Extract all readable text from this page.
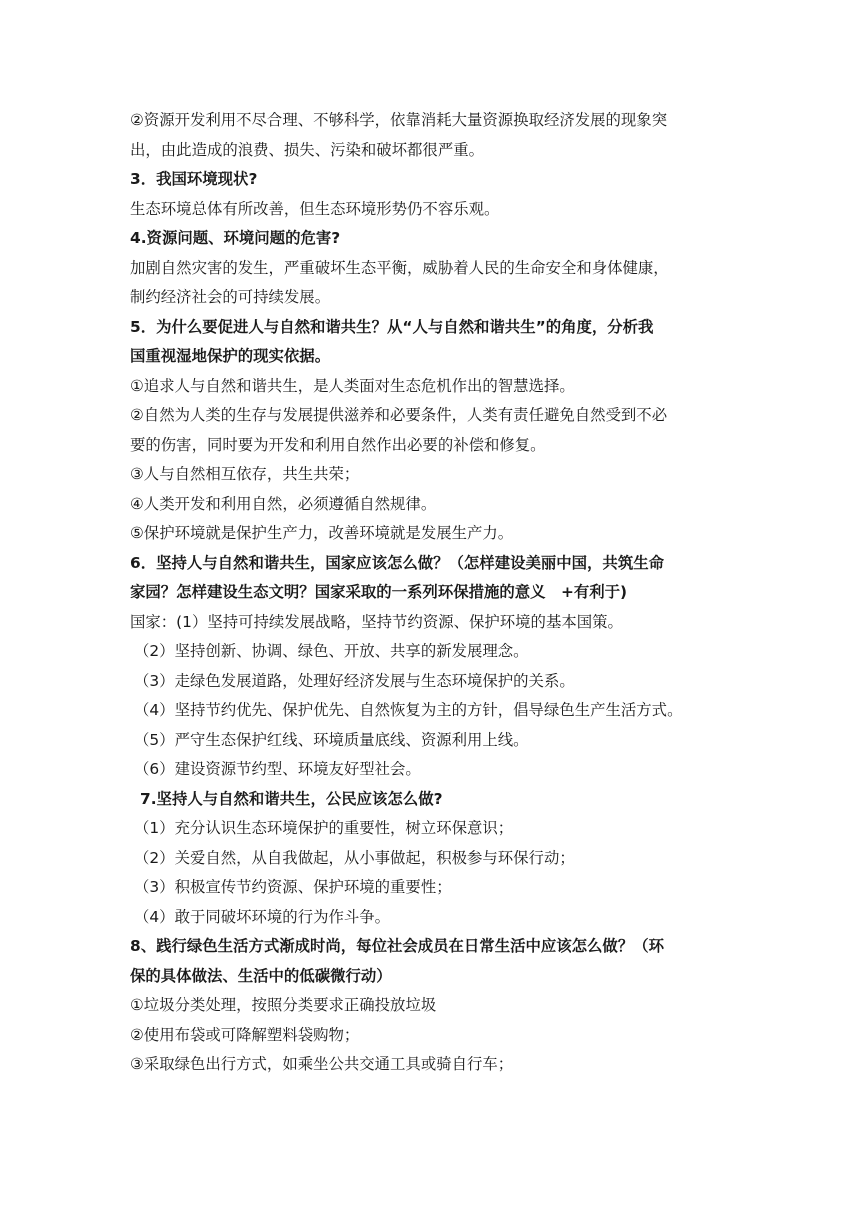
②资源开发利用不尽合理、不够科学，依靠消耗大量资源换取经济发展的现象突
出，由此造成的浪费、损失、污染和破坏都很严重。
3．我国环境现状?
生态环境总体有所改善，但生态环境形势仍不容乐观。
4.资源问题、环境问题的危害?
加剧自然灾害的发生，严重破坏生态平衡，威胁着人民的生命安全和身体健康，
制约经济社会的可持续发展。
5．为什么要促进人与自然和谐共生？从“人与自然和谐共生”的角度，分析我
国重视湿地保护的现实依据。
①追求人与自然和谐共生，是人类面对生态危机作出的智慧选择。
②自然为人类的生存与发展提供滋养和必要条件，人类有责任避免自然受到不必
要的伤害，同时要为开发和利用自然作出必要的补偿和修复。
③人与自然相互依存，共生共荣；
④人类开发和利用自然，必须遵循自然规律。
⑤保护环境就是保护生产力，改善环境就是发展生产力。
6．坚持人与自然和谐共生，国家应该怎么做？（怎样建设美丽中国，共筑生命
家园？怎样建设生态文明？国家采取的一系列环保措施的意义　+有利于)
国家：(1）坚持可持续发展战略，坚持节约资源、保护环境的基本国策。
（2）坚持创新、协调、绿色、开放、共享的新发展理念。
（3）走绿色发展道路，处理好经济发展与生态环境保护的关系。
（4）坚持节约优先、保护优先、自然恢复为主的方针，倡导绿色生产生活方式。
（5）严守生态保护红线、环境质量底线、资源利用上线。
（6）建设资源节约型、环境友好型社会。
7.坚持人与自然和谐共生，公民应该怎么做?
（1）充分认识生态环境保护的重要性，树立环保意识；
（2）关爱自然，从自我做起，从小事做起，积极参与环保行动；
（3）积极宣传节约资源、保护环境的重要性；
（4）敢于同破坏环境的行为作斗争。
8、践行绿色生活方式渐成时尚，每位社会成员在日常生活中应该怎么做？（环
保的具体做法、生活中的低碳微行动）
①垃圾分类处理，按照分类要求正确投放垃圾
②使用布袋或可降解塑料袋购物；
③采取绿色出行方式，如乘坐公共交通工具或骑自行车；
